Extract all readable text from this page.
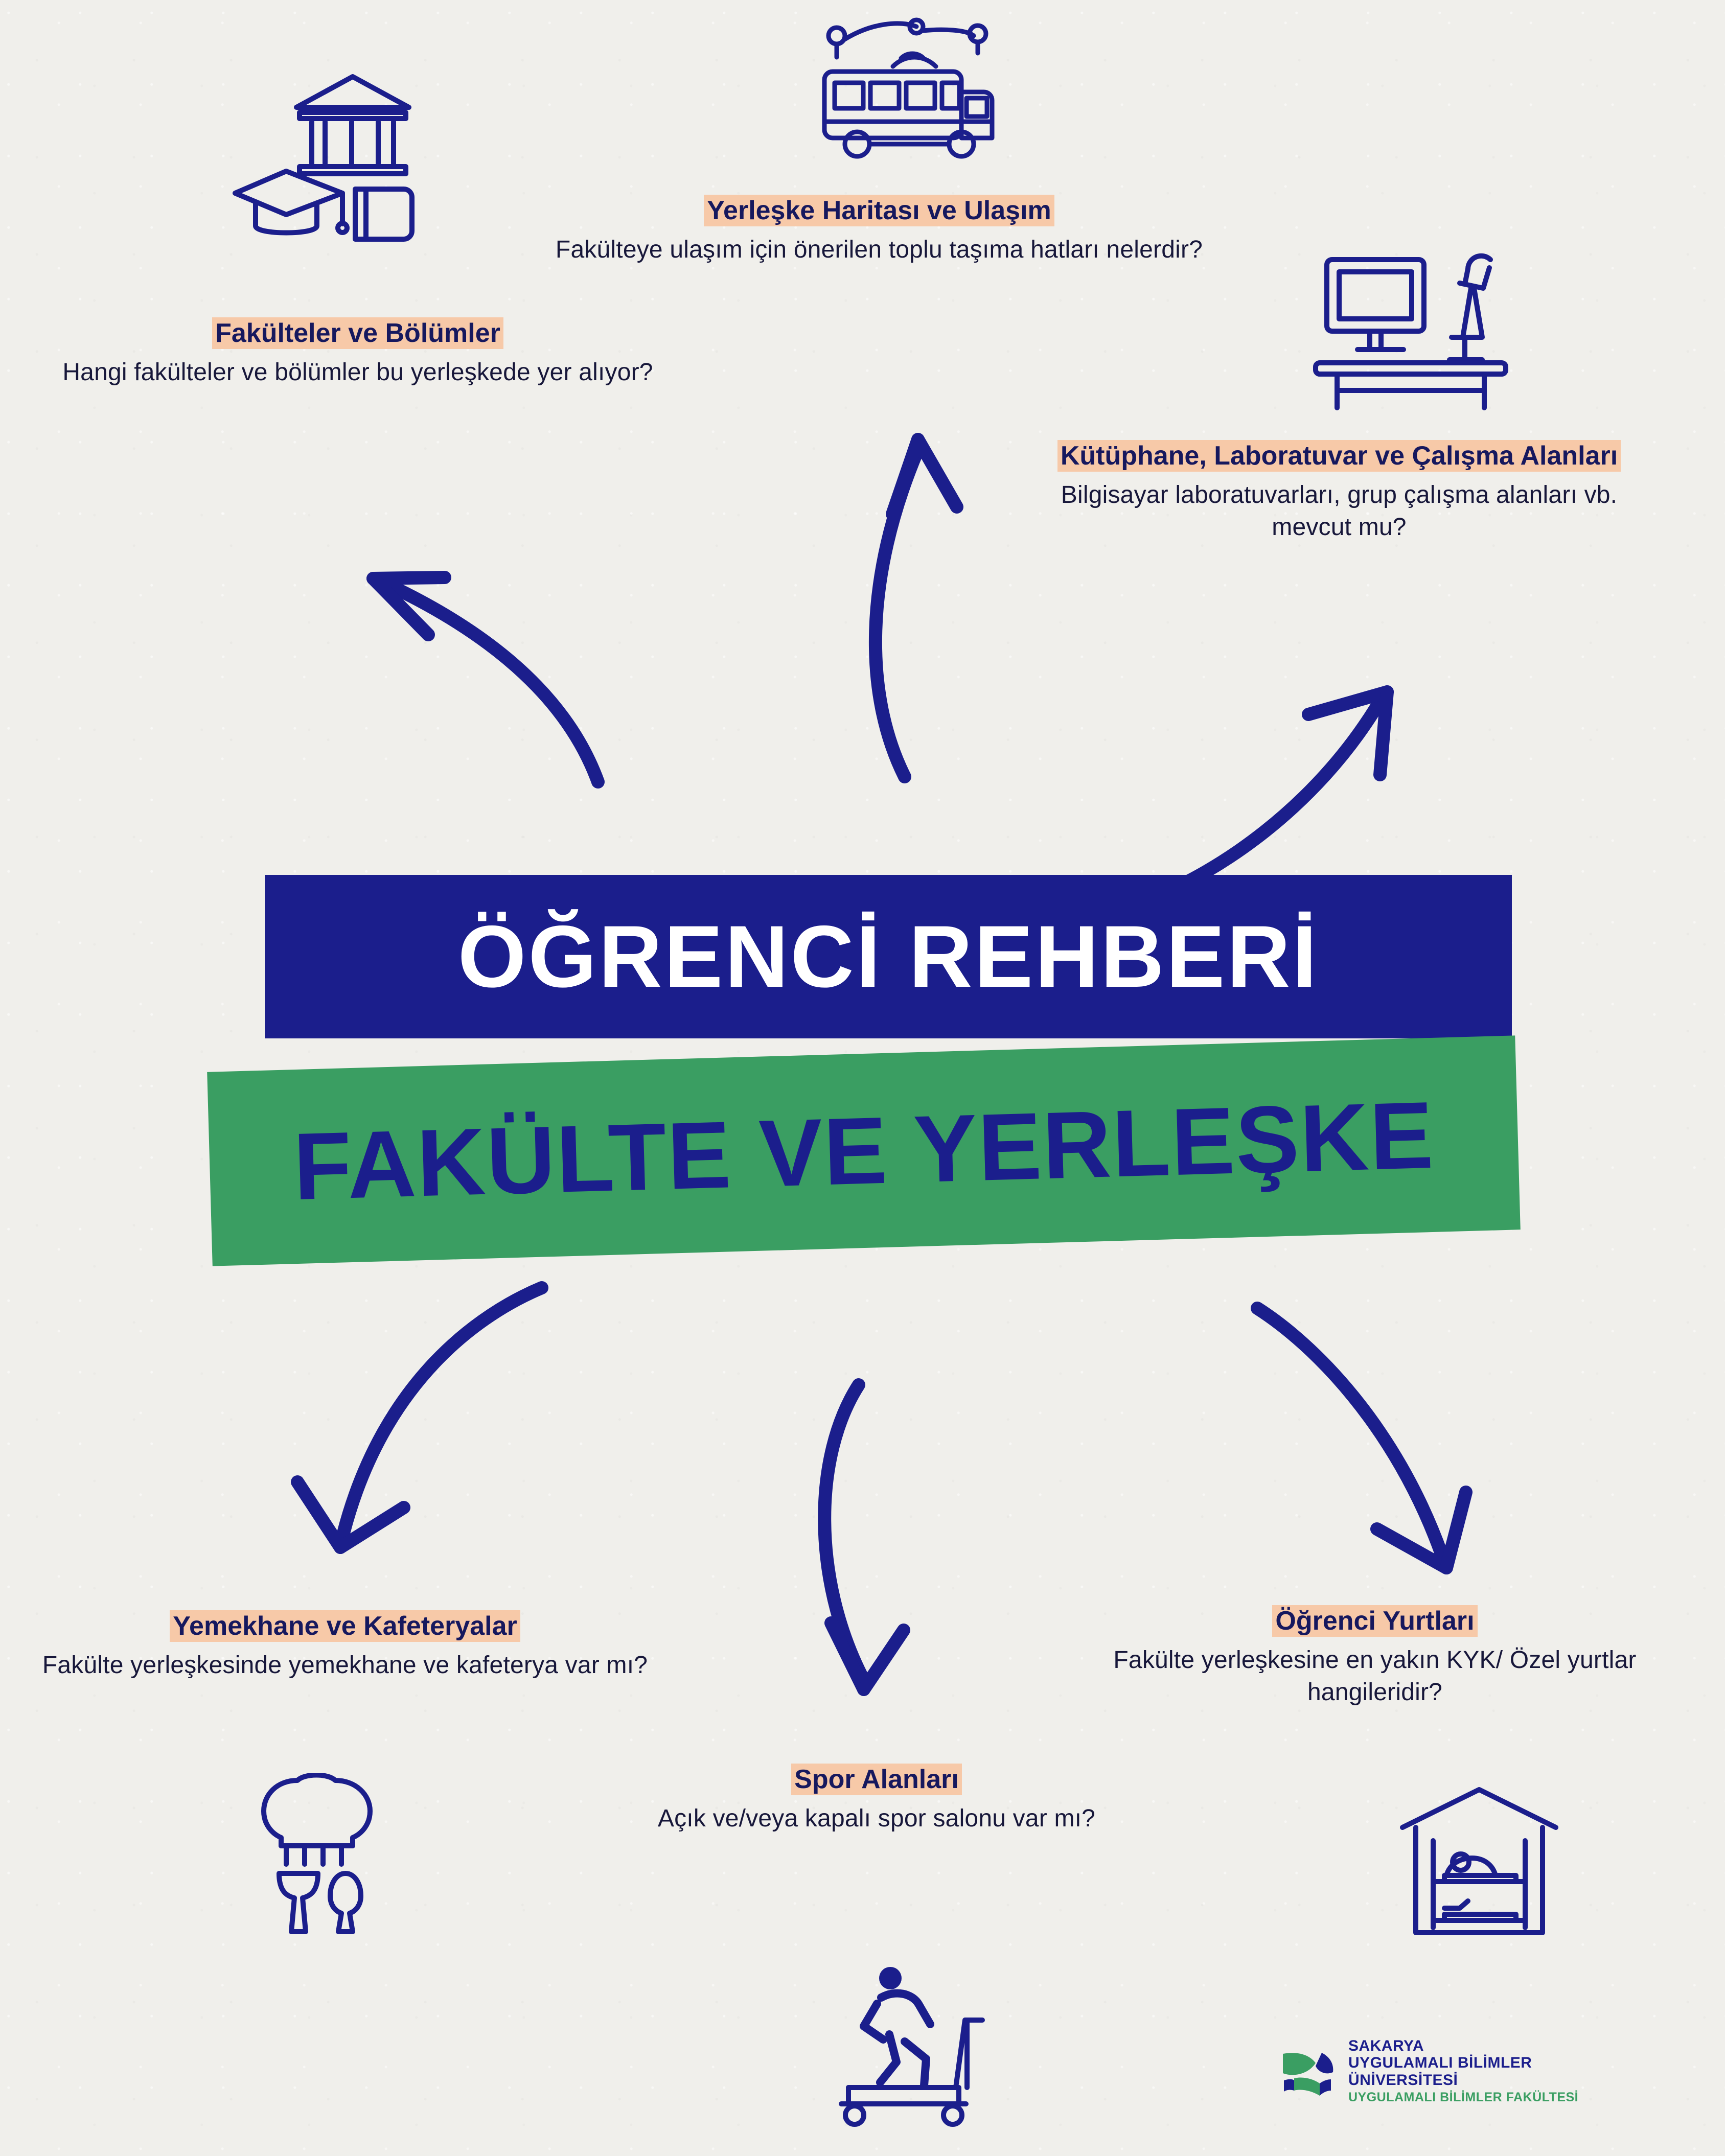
Fakülteler ve Bölümler
Hangi fakülteler ve bölümler bu yerleşkede yer alıyor?
Yerleşke Haritası ve Ulaşım
Fakülteye ulaşım için önerilen toplu taşıma hatları nelerdir?
Kütüphane, Laboratuvar ve Çalışma Alanları
Bilgisayar laboratuvarları, grup çalışma alanları vb. mevcut mu?
Yemekhane ve Kafeteryalar
Fakülte yerleşkesinde yemekhane ve kafeterya var mı?
Spor Alanları
Açık ve/veya kapalı spor salonu var mı?
Öğrenci Yurtları
Fakülte yerleşkesine en yakın KYK/ Özel yurtlar hangileridir?
ÖĞRENCİ REHBERİ
FAKÜLTE VE YERLEŞKE
SAKARYA
UYGULAMALI BİLİMLER
ÜNİVERSİTESİ
UYGULAMALI BİLİMLER FAKÜLTESİ
